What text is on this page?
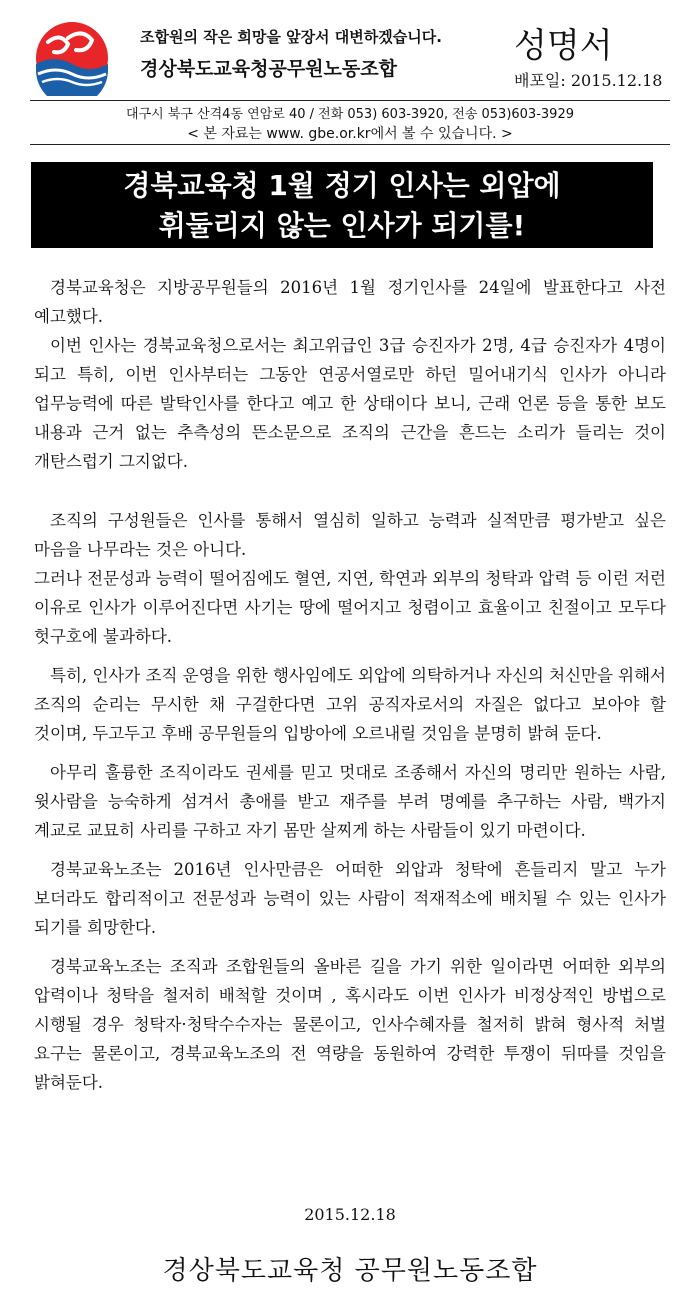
조합원의 작은 희망을 앞장서 대변하겠습니다.
경상북도교육청공무원노동조합
성명서
배포일: 2015.12.18
대구시 북구 산격4동 연암로 40 / 전화 053) 603-3920, 전송 053)603-3929
< 본 자료는 www. gbe.or.kr에서 볼 수 있습니다. >
경북교육청 1월 정기 인사는 외압에
휘둘리지 않는 인사가 되기를!

경북교육청은 지방공무원들의 2016년 1월 정기인사를 24일에 발표한다고 사전 예고했다.

이번 인사는 경북교육청으로서는 최고위급인 3급 승진자가 2명, 4급 승진자가 4명이 되고 특히, 이번 인사부터는 그동안 연공서열로만 하던 밀어내기식 인사가 아니라 업무능력에 따른 발탁인사를 한다고 예고 한 상태이다 보니, 근래 언론 등을 통한 보도 내용과 근거 없는 추측성의 뜬소문으로 조직의 근간을 흔드는 소리가 들리는 것이 개탄스럽기 그지없다.

조직의 구성원들은 인사를 통해서 열심히 일하고 능력과 실적만큼 평가받고 싶은 마음을 나무라는 것은 아니다.

그러나 전문성과 능력이 떨어짐에도 혈연, 지연, 학연과 외부의 청탁과 압력 등 이런 저런 이유로 인사가 이루어진다면 사기는 땅에 떨어지고 청렴이고 효율이고 친절이고 모두다 헛구호에 불과하다.

특히, 인사가 조직 운영을 위한 행사임에도 외압에 의탁하거나 자신의 처신만을 위해서 조직의 순리는 무시한 채 구걸한다면 고위 공직자로서의 자질은 없다고 보아야 할 것이며, 두고두고 후배 공무원들의 입방아에 오르내릴 것임을 분명히 밝혀 둔다.

아무리 훌륭한 조직이라도 권세를 믿고 멋대로 조종해서 자신의 명리만 원하는 사람, 윗사람을 능숙하게 섬겨서 총애를 받고 재주를 부려 명예를 추구하는 사람, 백가지 계교로 교묘히 사리를 구하고 자기 몸만 살찌게 하는 사람들이 있기 마련이다.

경북교육노조는 2016년 인사만큼은 어떠한 외압과 청탁에 흔들리지 말고 누가 보더라도 합리적이고 전문성과 능력이 있는 사람이 적재적소에 배치될 수 있는 인사가 되기를 희망한다.

경북교육노조는 조직과 조합원들의 올바른 길을 가기 위한 일이라면 어떠한 외부의 압력이나 청탁을 철저히 배척할 것이며 , 혹시라도 이번 인사가 비정상적인 방법으로 시행될 경우 청탁자·청탁수수자는 물론이고, 인사수혜자를 철저히 밝혀 형사적 처벌 요구는 물론이고, 경북교육노조의 전 역량을 동원하여 강력한 투쟁이 뒤따를 것임을 밝혀둔다.

2015.12.18
경상북도교육청 공무원노동조합
